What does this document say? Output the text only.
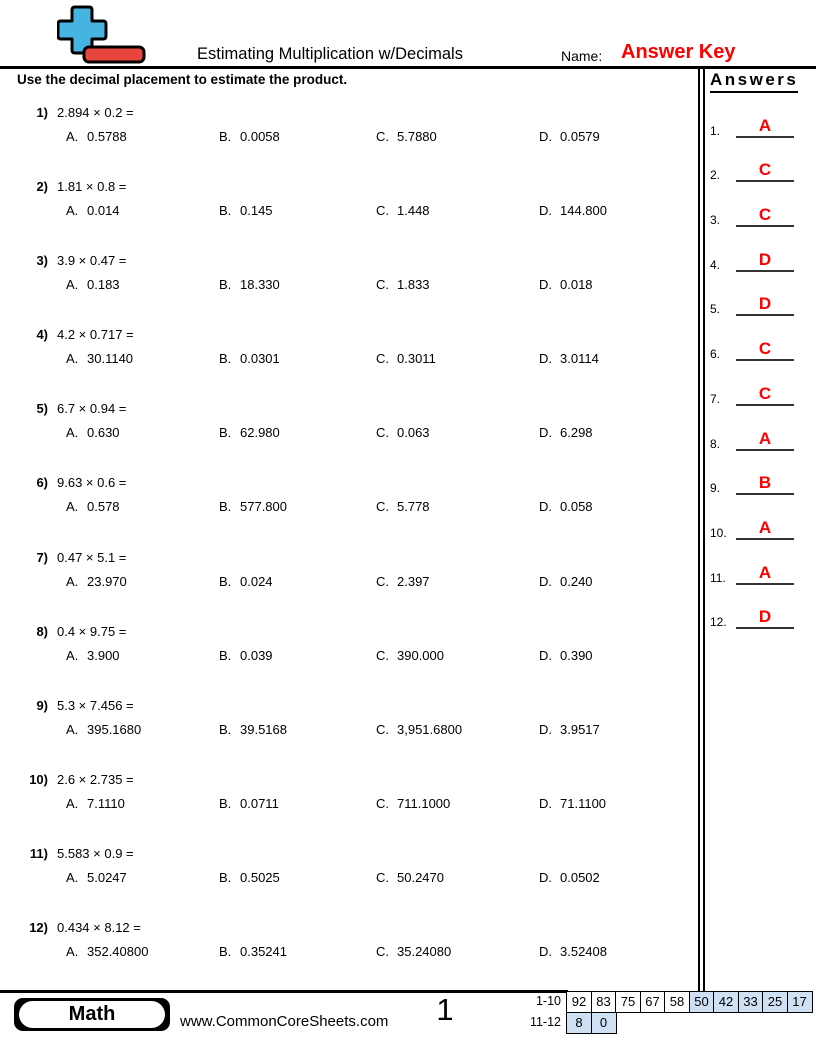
Estimating Multiplication w/Decimals	Name: Answer Key
Use the decimal placement to estimate the product.	Answers
1.	A
2.	C
3.	C
4.	D
5.	D
6.	C
7.	C
8.	A
9.	B
10.	A
11.	A
12.	D
1) 2.894 × 0.2 =
A. 0.5788	B. 0.0058	C. 5.7880	D. 0.0579
2) 1.81 × 0.8 =
A. 0.014	B. 0.145	C. 1.448	D. 144.800
3) 3.9 × 0.47 =
A. 0.183	B. 18.330	C. 1.833	D. 0.018
4) 4.2 × 0.717 =
A. 30.1140	B. 0.0301	C. 0.3011	D. 3.0114
5) 6.7 × 0.94 =
A. 0.630	B. 62.980	C. 0.063	D. 6.298
6) 9.63 × 0.6 =
A. 0.578	B. 577.800	C. 5.778	D. 0.058
7) 0.47 × 5.1 =
A. 23.970	B. 0.024	C. 2.397	D. 0.240
8) 0.4 × 9.75 =
A. 3.900	B. 0.039	C. 390.000	D. 0.390
9) 5.3 × 7.456 =
A. 395.1680	B. 39.5168	C. 3,951.6800	D. 3.9517
10) 2.6 × 2.735 =
A. 7.1110	B. 0.0711	C. 711.1000	D. 71.1100
11) 5.583 × 0.9 =
A. 5.0247	B. 0.5025	C. 50.2470	D. 0.0502
12) 0.434 × 8.12 =
A. 352.40800	B. 0.35241	C. 35.24080	D. 3.52408
Math	www.CommonCoreSheets.com	1	1-10 92 83 75 67 58 50 42 33 25 17
11-12	8	0
